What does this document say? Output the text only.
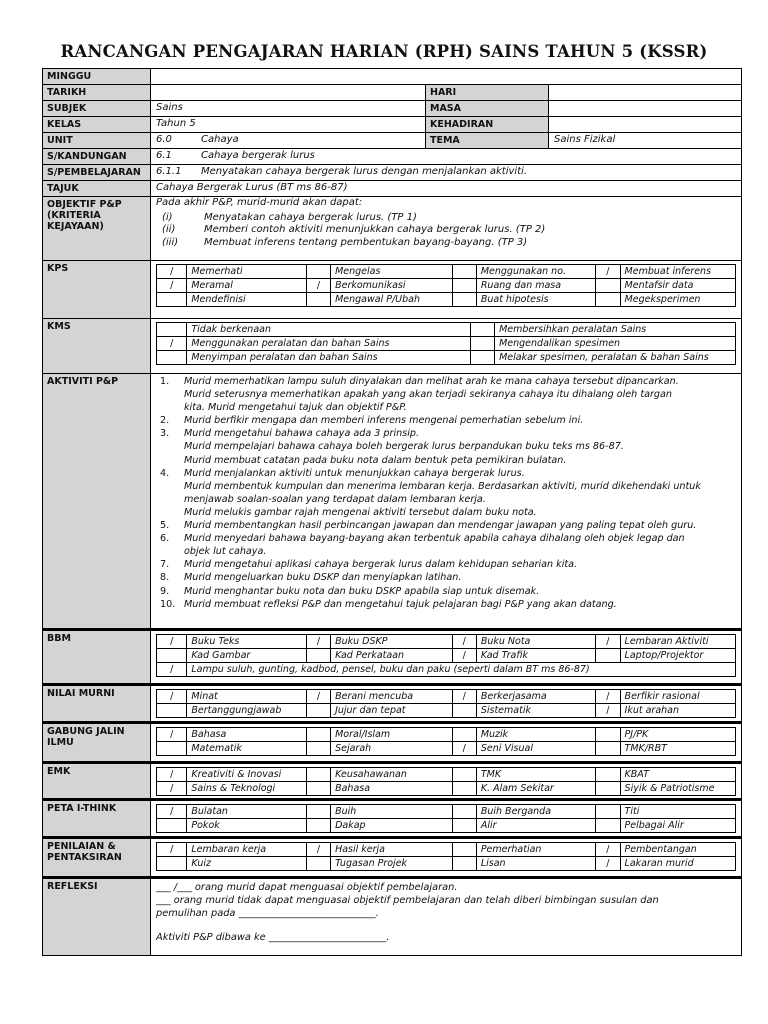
RANCANGAN PENGAJARAN HARIAN (RPH) SAINS TAHUN 5 (KSSR)
MINGGU	
TARIKH		HARI	
SUBJEK	Sains	MASA	
KELAS	Tahun 5	KEHADIRAN	
UNIT	6.0	Cahaya	TEMA	Sains Fizikal
S/KANDUNGAN	6.1	Cahaya bergerak lurus
S/PEMBELAJARAN	6.1.1 Menyatakan cahaya bergerak lurus dengan menjalankan aktiviti.
TAJUK	Cahaya Bergerak Lurus (BT ms 86-87)
OBJEKTIF P&P (KRITERIA KEJAYAAN)	
Pada akhir P&P, murid-murid akan dapat:
(i)	Menyatakan cahaya bergerak lurus. (TP 1)
(ii)	Memberi contoh aktiviti menunjukkan cahaya bergerak lurus. (TP 2)
(iii)	Membuat inferens tentang pembentukan bayang-bayang. (TP 3)

KPS		/	Memerhati		Mengelas		Menggunakan no.	/	Membuat inferens
/	Meramal	/	Berkomunikasi		Ruang dan masa		Mentafsir data
	Mendefinisi		Mengawal P/Ubah		Buat hipotesis		Megeksperimen

KMS	
		Tidak berkenaan		Membersihkan peralatan Sains
/	Menggunakan peralatan dan bahan Sains		Mengendalikan spesimen
	Menyimpan peralatan dan bahan Sains		Melakar spesimen, peralatan & bahan Sains

AKTIVITI P&P	1.	Murid memerhatikan lampu suluh dinyalakan dan melihat arah ke mana cahaya tersebut dipancarkan.
Murid seterusnya memerhatikan apakah yang akan terjadi sekiranya cahaya itu dihalang oleh targan
kita. Murid mengetahui tajuk dan objektif P&P.
2.	Murid berfikir mengapa dan memberi inferens mengenai pemerhatian sebelum ini.
3.	Murid mengetahui bahawa cahaya ada 3 prinsip.
Murid mempelajari bahawa cahaya boleh bergerak lurus berpandukan buku teks ms 86-87.
Murid membuat catatan pada buku nota dalam bentuk peta pemikiran bulatan.
4.	Murid menjalankan aktiviti untuk menunjukkan cahaya bergerak lurus.
Murid membentuk kumpulan dan menerima lembaran kerja. Berdasarkan aktiviti, murid dikehendaki untuk
menjawab soalan-soalan yang terdapat dalam lembaran kerja.
Murid melukis gambar rajah mengenai aktiviti tersebut dalam buku nota.
5.	Murid membentangkan hasil perbincangan jawapan dan mendengar jawapan yang paling tepat oleh guru.
6.	Murid menyedari bahawa bayang-bayang akan terbentuk apabila cahaya dihalang oleh objek legap dan
objek lut cahaya.
7.	Murid mengetahui aplikasi cahaya bergerak lurus dalam kehidupan seharian kita.
8.	Murid mengeluarkan buku DSKP dan menyiapkan latihan.
9.	Murid menghantar buku nota dan buku DSKP apabila siap untuk disemak.
10. Murid membuat refleksi P&P dan mengetahui tajuk pelajaran bagi P&P yang akan datang.

BBM		/	Buku Teks	/	Buku DSKP	/	Buku Nota	/	Lembaran Aktiviti
	Kad Gambar		Kad Perkataan	/	Kad Trafik		Laptop/Projektor
/	Lampu suluh, gunting, kadbod, pensel, buku dan paku (seperti dalam BT ms 86-87)

NILAI MURNI		/	Minat	/	Berani mencuba	/	Berkerjasama	/	Berfikir rasional
	Bertanggungjawab		Jujur dan tepat		Sistematik	/	Ikut arahan

GABUNG JALIN ILMU	
/	Bahasa		Moral/Islam		Muzik		PJ/PK
	Matematik		Sejarah	/	Seni Visual		TMK/RBT

EMK		/	Kreativiti & Inovasi		Keusahawanan		TMK		KBAT
/	Sains & Teknologi		Bahasa		K. Alam Sekitar		Siyik & Patriotisme

PETA I-THINK		/	Bulatan		Buih		Buih Berganda		Titi
	Pokok		Dakap		Alir		Pelbagai Alir

PENILAIAN & PENTAKSIRAN	
/	Lembaran kerja	/	Hasil kerja		Pemerhatian	/	Pembentangan
	Kuiz		Tugasan Projek		Lisan	/	Lakaran murid

REFLEKSI	___ /___ orang murid dapat menguasai objektif pembelajaran.
___ orang murid tidak dapat menguasai objektif pembelajaran dan telah diberi bimbingan susulan dan
pemulihan pada ____________________________.
Aktiviti P&P dibawa ke ________________________.
